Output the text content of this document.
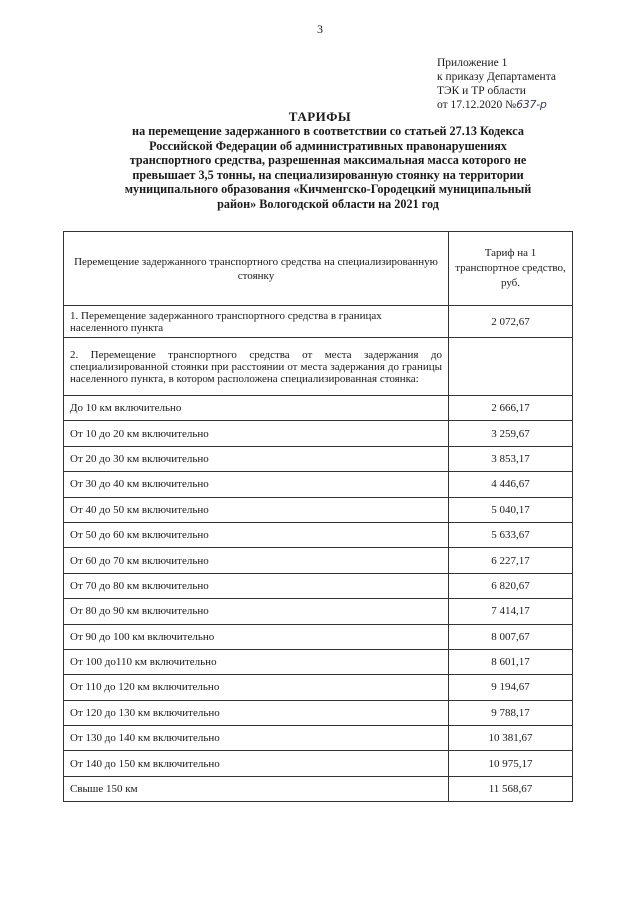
3
Приложение 1
к приказу Департамента
ТЭК и ТР области
от 17.12.2020 №637-р
ТАРИФЫ
на перемещение задержанного в соответствии со статьей 27.13 Кодекса
Российской Федерации об административных правонарушениях
транспортного средства, разрешенная максимальная масса которого не
превышает 3,5 тонны, на специализированную стоянку на территории
муниципального образования «Кичменгско-Городецкий муниципальный
район» Вологодской области на 2021 год
Перемещение задержанного транспортного средства на специализированную стоянку	Тариф на 1 транспортное средство, руб.
1. Перемещение задержанного транспортного средства в границах населенного пункта	2 072,67
2. Перемещение транспортного средства от места задержания до специализированной стоянки при расстоянии от места задержания до границы населенного пункта, в котором расположена специализированная стоянка:	
До 10 км включительно	2 666,17
От 10 до 20 км включительно	3 259,67
От 20 до 30 км включительно	3 853,17
От 30 до 40 км включительно	4 446,67
От 40 до 50 км включительно	5 040,17
От 50 до 60 км включительно	5 633,67
От 60 до 70 км включительно	6 227,17
От 70 до 80 км включительно	6 820,67
От 80 до 90 км включительно	7 414,17
От 90 до 100 км включительно	8 007,67
От 100 до110 км включительно	8 601,17
От 110 до 120 км включительно	9 194,67
От 120 до 130 км включительно	9 788,17
От 130 до 140 км включительно	10 381,67
От 140 до 150 км включительно	10 975,17
Свыше 150 км	11 568,67
